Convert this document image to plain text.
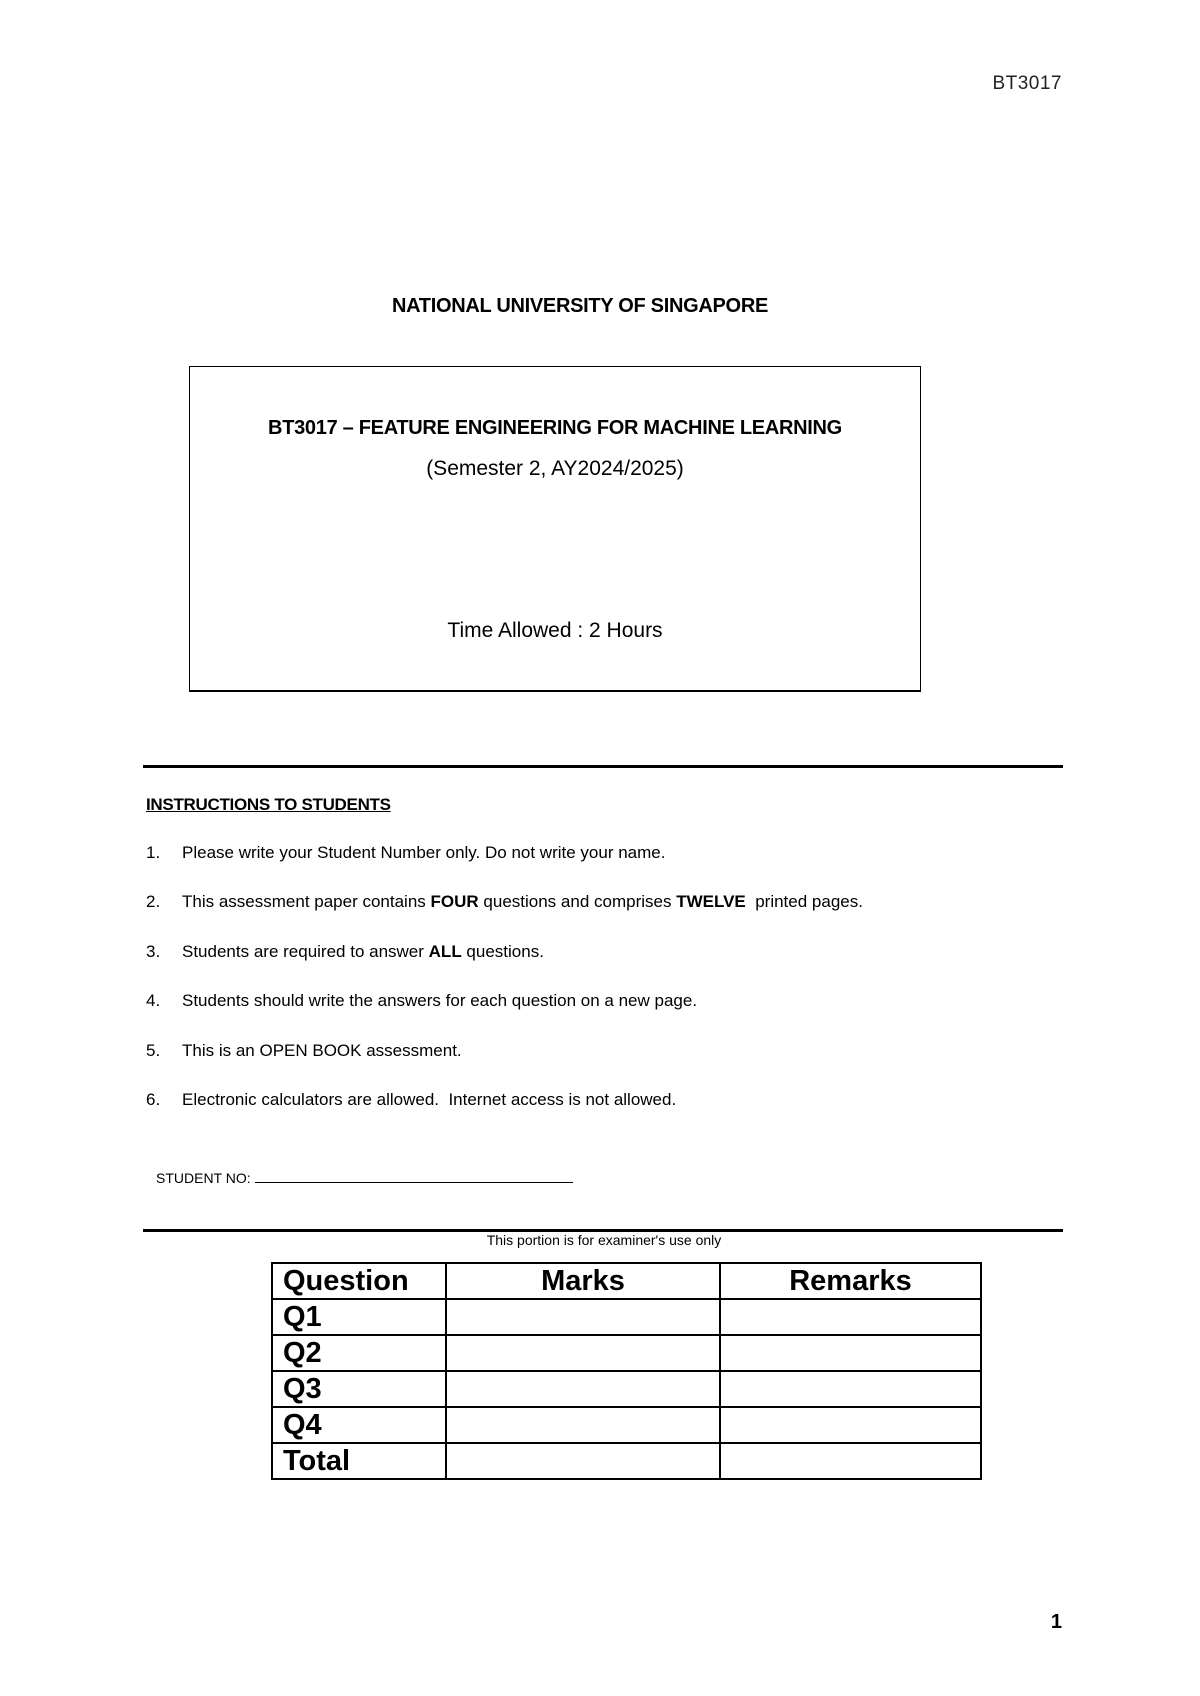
BT3017
NATIONAL UNIVERSITY OF SINGAPORE
BT3017 – FEATURE ENGINEERING FOR MACHINE LEARNING
(Semester 2, AY2024/2025)
Time Allowed : 2 Hours
INSTRUCTIONS TO STUDENTS
1.	Please write your Student Number only. Do not write your name.
2.	This assessment paper contains FOUR questions and comprises TWELVE  printed pages.
3.	Students are required to answer ALL questions.
4.	Students should write the answers for each question on a new page.
5.	This is an OPEN BOOK assessment.
6.	Electronic calculators are allowed.  Internet access is not allowed.
STUDENT NO:
This portion is for examiner's use only
Question	Marks	Remarks
Q1		
Q2		
Q3		
Q4		
Total		
1
